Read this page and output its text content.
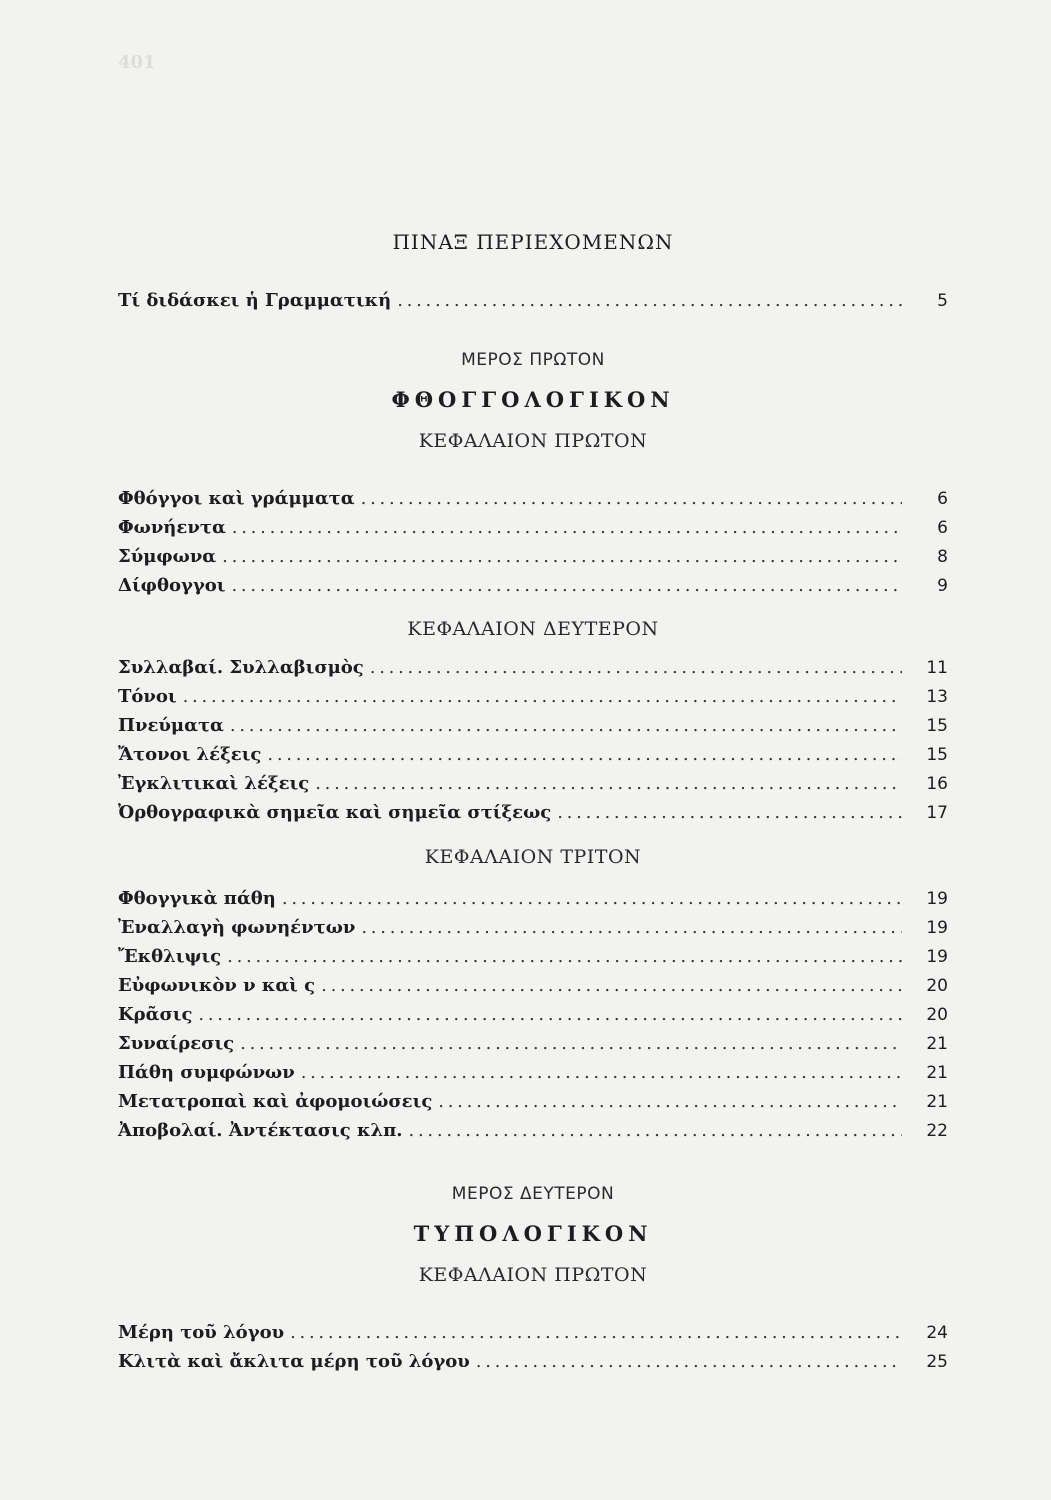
401
ΠΙΝΑΞ ΠΕΡΙΕΧΟΜΕΝΩΝ
Τί διδάσκει ἡ Γραμματική . . .	5
ΜΕΡΟΣ ΠΡΩΤΟΝ
ΦΘΟΓΓΟΛΟΓΙΚΟΝ
ΚΕΦΑΛΑΙΟΝ ΠΡΩΤΟΝ
Φθόγγοι καὶ γράμματα . . .	6
Φωνήεντα . . .	6
Σύμφωνα . . .	8
Δίφθογγοι . . .	9
ΚΕΦΑΛΑΙΟΝ ΔΕΥΤΕΡΟΝ
Συλλαβαί. Συλλαβισμὸς . . .	11
Τόνοι . . .	13
Πνεύματα . . .	15
Ἄτονοι λέξεις . . .	15
Ἐγκλιτικαὶ λέξεις . . .	16
Ὀρθογραφικὰ σημεῖα καὶ σημεῖα στίξεως . . .	17
ΚΕΦΑΛΑΙΟΝ ΤΡΙΤΟΝ
Φθογγικὰ πάθη . . .	19
Ἐναλλαγὴ φωνηέντων . . .	19
Ἔκθλιψις . . .	19
Εὐφωνικὸν ν καὶ ς . . .	20
Κρᾶσις . . .	20
Συναίρεσις . . .	21
Πάθη συμφώνων . . .	21
Μετατροπαὶ καὶ ἀφομοιώσεις . . .	21
Ἀποβολαί. Ἀντέκτασις κλπ. . . .	22
ΜΕΡΟΣ ΔΕΥΤΕΡΟΝ
ΤΥΠΟΛΟΓΙΚΟΝ
ΚΕΦΑΛΑΙΟΝ ΠΡΩΤΟΝ
Μέρη τοῦ λόγου . . .	24
Κλιτὰ καὶ ἄκλιτα μέρη τοῦ λόγου . . .	25
